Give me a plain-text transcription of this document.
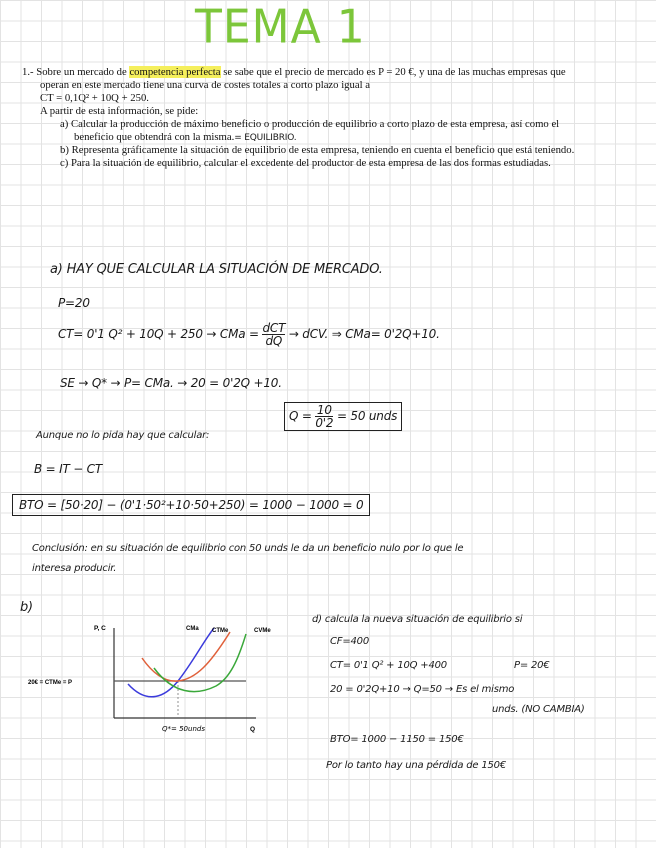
TEMA 1

1.- Sobre un mercado de competencia perfecta se sabe que el precio de mercado es P = 20 €, y una de las muchas empresas que operan en este mercado tiene una curva de costes totales a corto plazo igual a

CT = 0,1Q² + 10Q + 250.

A partir de esta información, se pide:

a) Calcular la producción de máximo beneficio o producción de equilibrio a corto plazo de esta empresa, así como el beneficio que obtendrá con la misma.= EQUILIBRIO.

b) Representa gráficamente la situación de equilibrio de esta empresa, teniendo en cuenta el beneficio que está teniendo.

c) Para la situación de equilibrio, calcular el excedente del productor de esta empresa de las dos formas estudiadas.

a) HAY QUE CALCULAR LA SITUACIÓN DE MERCADO.
P=20
CT= 0'1 Q² + 10Q + 250 → CMa = $\frac{\text{dCT}}{dQ}$ → dCV. ⇒ CMa= 0'2Q+10.
SE → Q* → P= CMa. → 20 = 0'2Q +10.
$Q = \frac{10}{0'2} = 50$ unds
Aunque no lo pida hay que calcular:
B = IT − CT
BTO = [50·20] − (0'1·50²+10·50+250) = 1000 − 1000 = 0
Conclusión: en su situación de equilibrio con 50 unds le da un beneficio nulo por lo que le
interesa producir.
b)
P, C
Q
CMa CTMe	CVMe
20€ = CTMe = P
Q*= 50unds
d) calcula la nueva situación de equilibrio si
CF=400
CT= 0'1 Q² + 10Q +400	P= 20€
20 = 0'2Q+10 → Q=50 → Es el mismo
unds. (NO CAMBIA)
BTO= 1000 − 1150 = 150€
Por lo tanto hay una pérdida de 150€
